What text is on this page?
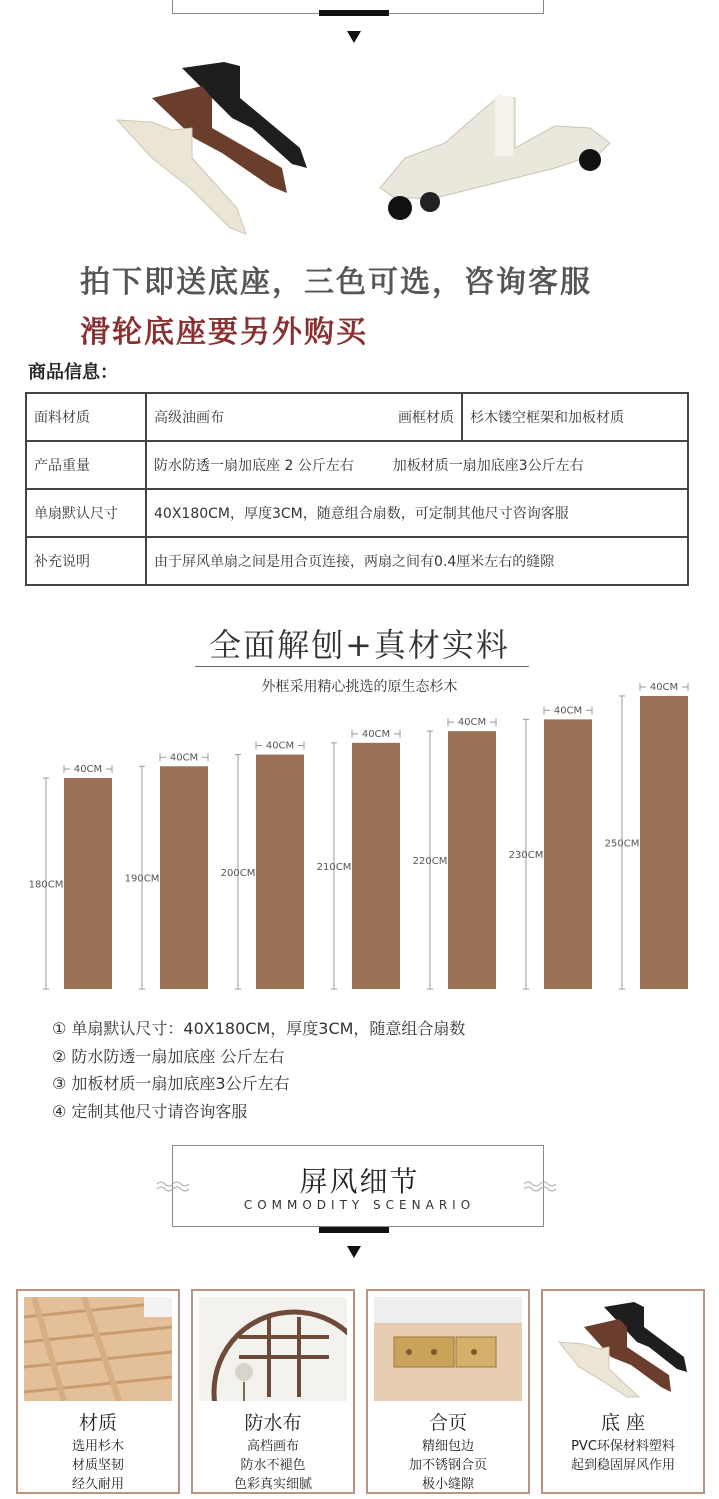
拍下即送底座，三色可选，咨询客服
滑轮底座要另外购买
商品信息：
面料材质	高级油画布 画框材质	杉木镂空框架和加板材质
产品重量	防水防透一扇加底座 2 公斤左右 加板材质一扇加底座3公斤左右	
单扇默认尺寸	40X180CM，厚度3CM，随意组合扇数，可定制其他尺寸咨询客服	
补充说明	由于屏风单扇之间是用合页连接，两扇之间有0.4厘米左右的缝隙	
全面解刨+真材实料
外框采用精心挑选的原生态杉木
180CM
40CM
190CM
40CM
200CM
40CM
210CM
40CM
220CM
40CM
230CM
40CM
250CM
40CM
① 单扇默认尺寸：40X180CM，厚度3CM，随意组合扇数
② 防水防透一扇加底座 公斤左右
③ 加板材质一扇加底座3公斤左右
④ 定制其他尺寸请咨询客服
屏风细节
COMMODITY SCENARIO
材质
选用杉木
材质坚韧
经久耐用
防水布
高档画布
防水不褪色
色彩真实细腻
合页
精细包边
加不锈钢合页
极小缝隙
底 座
PVC环保材料塑料
起到稳固屏风作用
